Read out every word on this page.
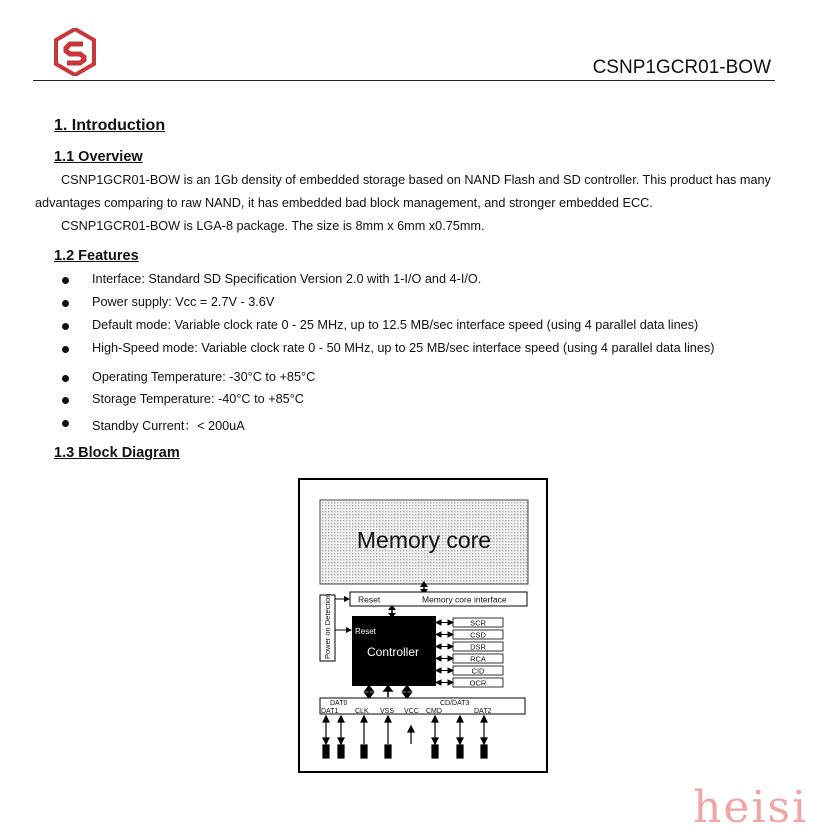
CSNP1GCR01-BOW
1. Introduction
1.1 Overview
CSNP1GCR01-BOW is an 1Gb density of embedded storage based on NAND Flash and SD controller. This product has many
advantages comparing to raw NAND, it has embedded bad block management, and stronger embedded ECC.
CSNP1GCR01-BOW is LGA-8 package. The size is 8mm x 6mm x0.75mm.
1.2 Features
Interface: Standard SD Specification Version 2.0 with 1-I/O and 4-I/O.
Power supply: Vcc = 2.7V - 3.6V
Default mode: Variable clock rate 0 - 25 MHz, up to 12.5 MB/sec interface speed (using 4 parallel data lines)
High-Speed mode: Variable clock rate 0 - 50 MHz, up to 25 MB/sec interface speed (using 4 parallel data lines)
Operating Temperature: -30°C to +85°C
Storage Temperature: -40°C to +85°C
Standby Current：< 200uA
1.3 Block Diagram
Memory core
Reset	Memory core interface
Power on Detection	Reset
Controller
SCR
CSD
DSR
RCA
CID
OCR
DAT0	CD/DAT3
DAT1 CLK VSS VCC CMD	DAT2
heisi
